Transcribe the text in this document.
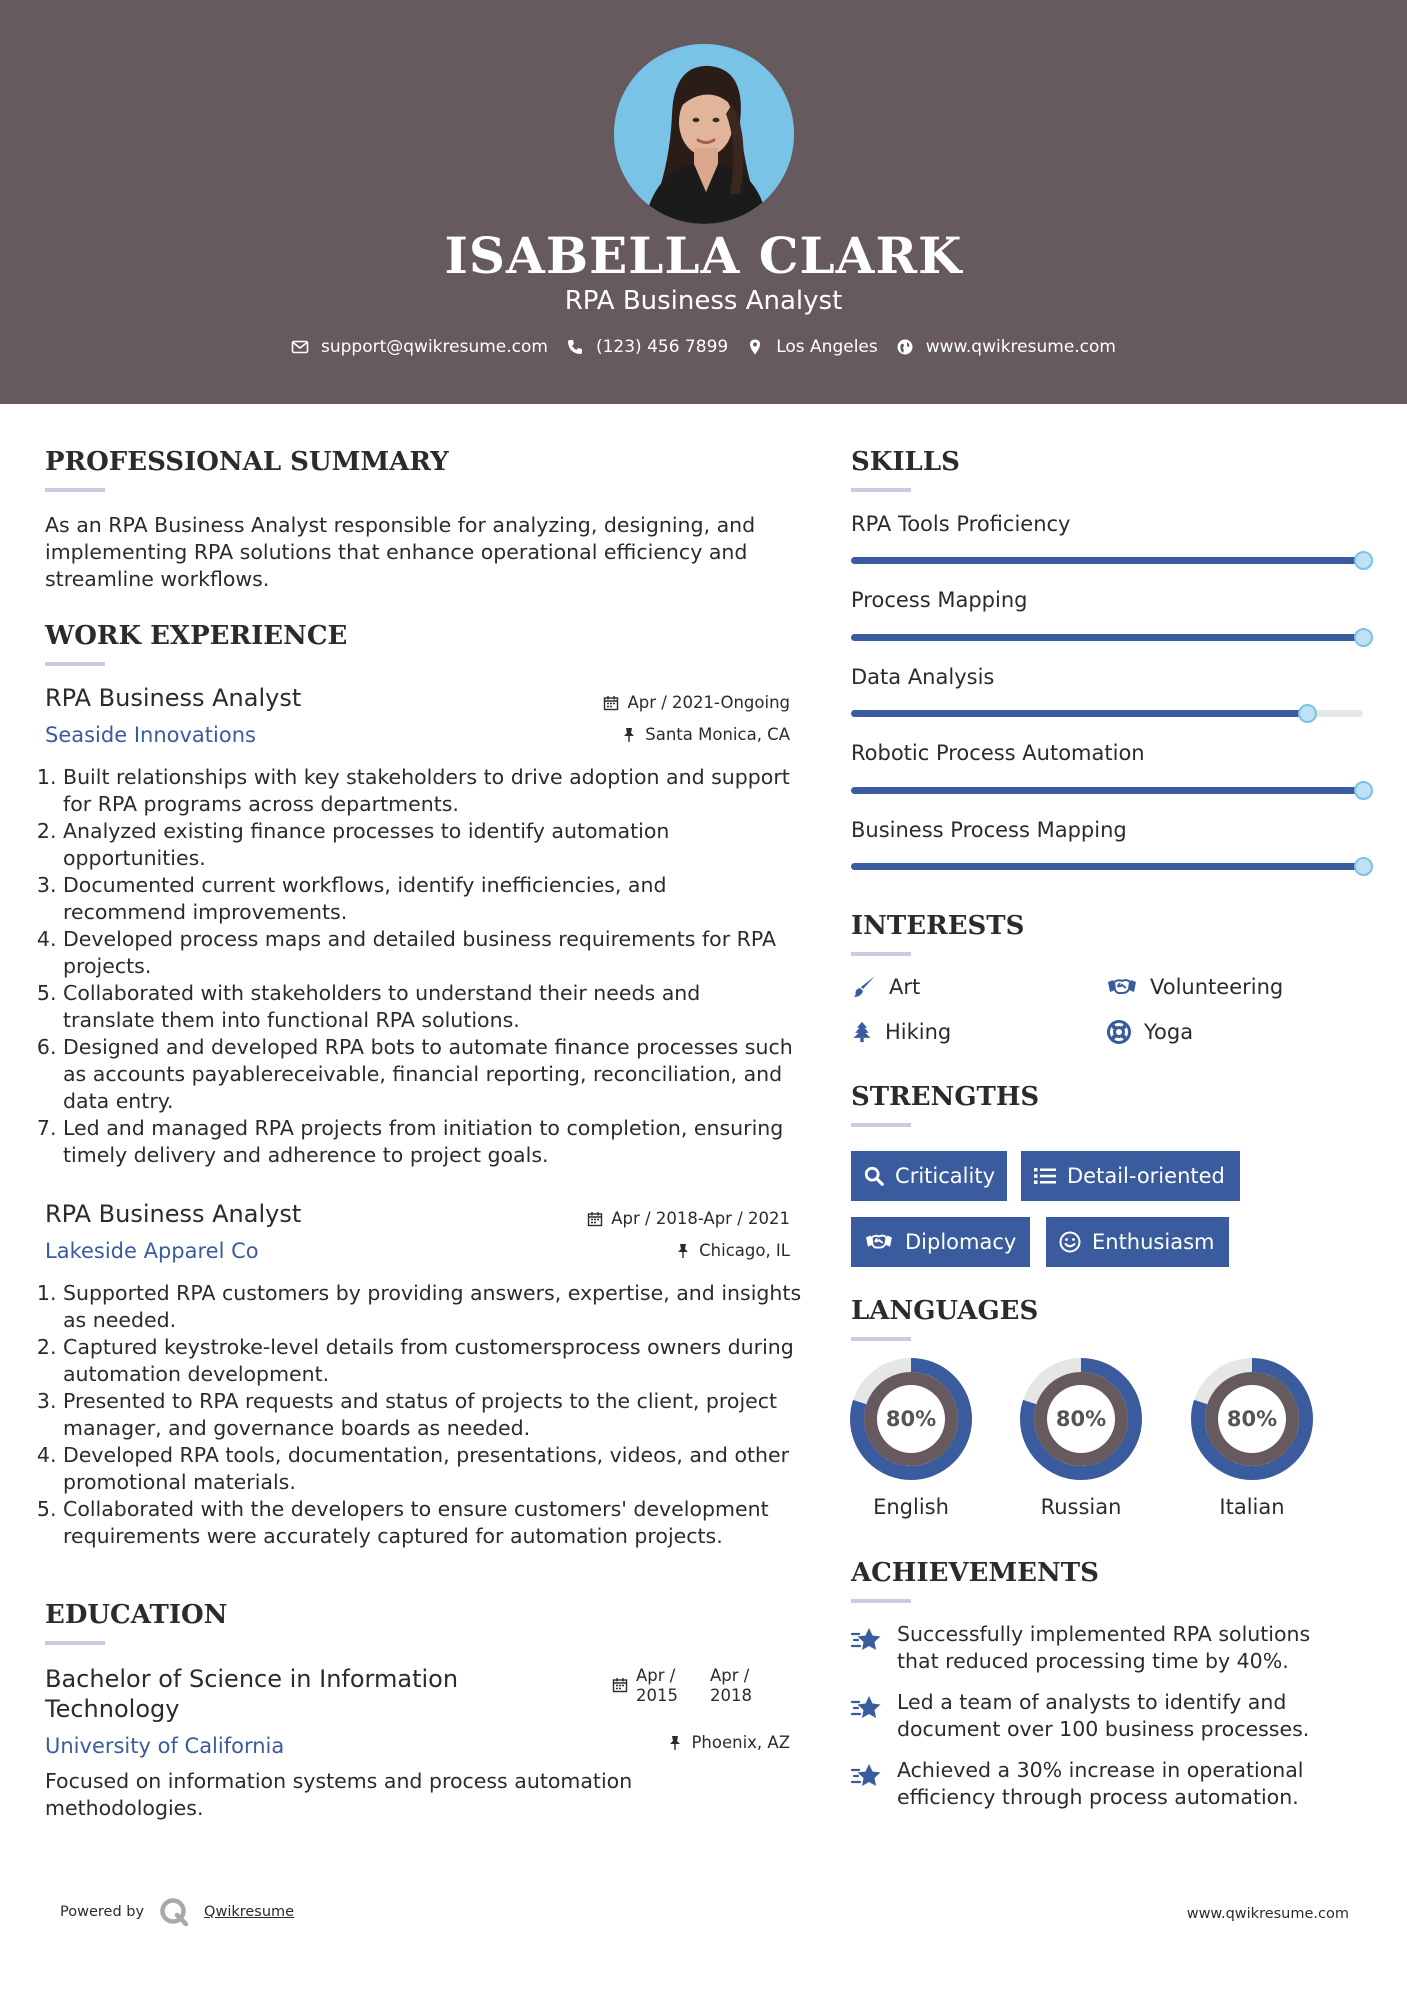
ISABELLA CLARK
RPA Business Analyst
support@qwikresume.com	(123) 456 7899	Los Angeles	www.qwikresume.com
PROFESSIONAL SUMMARY
As an RPA Business Analyst responsible for analyzing, designing, and implementing RPA solutions that enhance operational efficiency and streamline workflows.
WORK EXPERIENCE
RPA Business Analyst
Seaside Innovations
Apr / 2021-Ongoing
Santa Monica, CA
1. Built relationships with key stakeholders to drive adoption and support for RPA programs across departments.
2. Analyzed existing finance processes to identify automation opportunities.
3. Documented current workflows, identify inefficiencies, and recommend improvements.
4. Developed process maps and detailed business requirements for RPA projects.
5. Collaborated with stakeholders to understand their needs and translate them into functional RPA solutions.
6. Designed and developed RPA bots to automate finance processes such as accounts payablereceivable, financial reporting, reconciliation, and data entry.
7. Led and managed RPA projects from initiation to completion, ensuring timely delivery and adherence to project goals.
RPA Business Analyst
Lakeside Apparel Co
Apr / 2018-Apr / 2021
Chicago, IL
1. Supported RPA customers by providing answers, expertise, and insights as needed.
2. Captured keystroke-level details from customersprocess owners during automation development.
3. Presented to RPA requests and status of projects to the client, project manager, and governance boards as needed.
4. Developed RPA tools, documentation, presentations, videos, and other promotional materials.
5. Collaborated with the developers to ensure customers' development requirements were accurately captured for automation projects.
EDUCATION
Bachelor of Science in Information Technology
University of California
Apr /
2015
Apr /
2018
Phoenix, AZ
Focused on information systems and process automation methodologies.
SKILLS
RPA Tools Proficiency
Process Mapping
Data Analysis
Robotic Process Automation
Business Process Mapping
INTERESTS
Art	Volunteering
Hiking	Yoga
STRENGTHS
Criticality	Detail-oriented
Diplomacy	Enthusiasm
LANGUAGES
80%
English
80%
Russian
80%
Italian
ACHIEVEMENTS
Successfully implemented RPA solutions that reduced processing time by 40%.
Led a team of analysts to identify and document over 100 business processes.
Achieved a 30% increase in operational efficiency through process automation.
Powered by	Qwikresume	www.qwikresume.com
